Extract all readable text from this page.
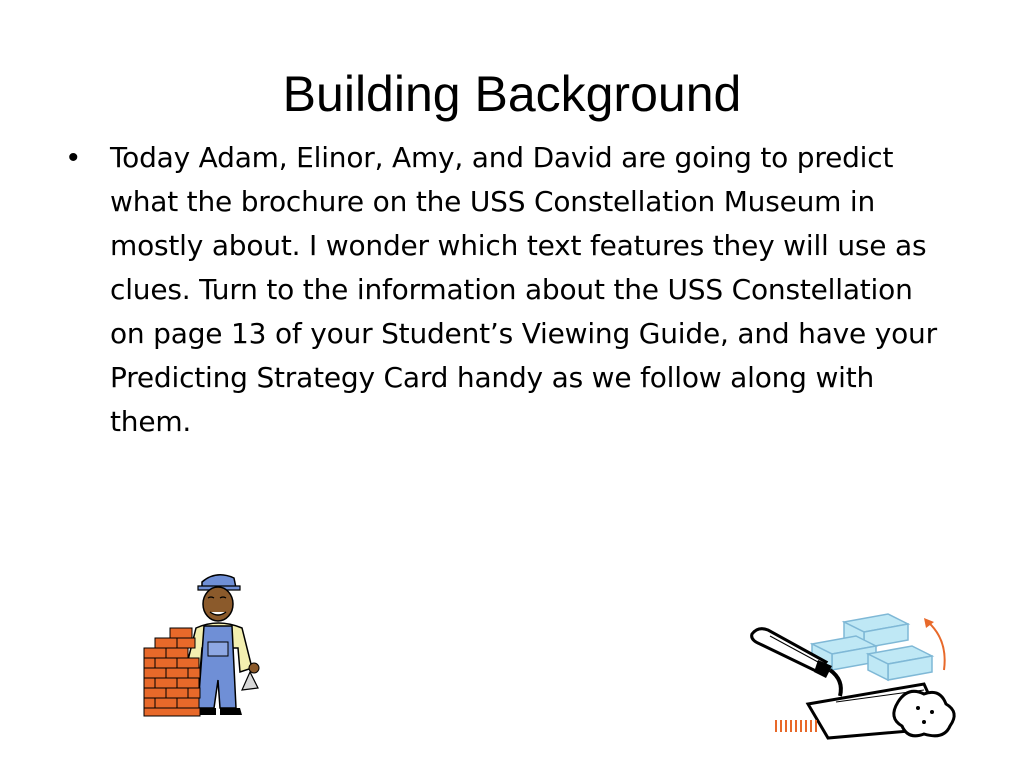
Building Background
• Today Adam, Elinor, Amy, and David are going to predict what the brochure on the USS Constellation Museum in mostly about. I wonder which text features they will use as clues. Turn to the information about the USS Constellation on page 13 of your Student’s Viewing Guide, and have your Predicting Strategy Card handy as we follow along with them.
